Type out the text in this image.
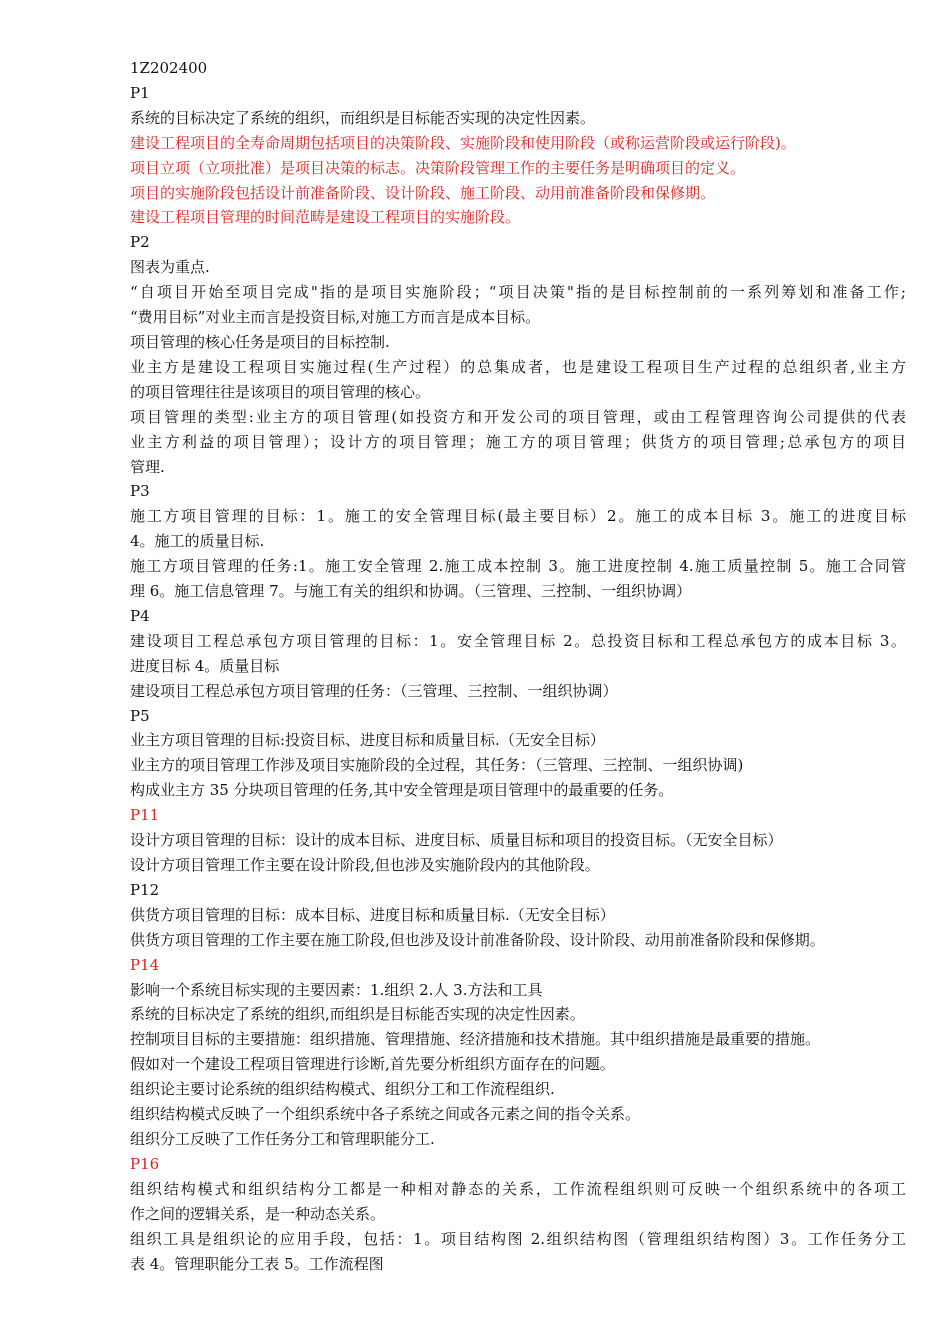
1Z202400
P1
系统的目标决定了系统的组织，而组织是目标能否实现的决定性因素。
建设工程项目的全寿命周期包括项目的决策阶段、实施阶段和使用阶段（或称运营阶段或运行阶段)。
项目立项（立项批准）是项目决策的标志。决策阶段管理工作的主要任务是明确项目的定义。
项目的实施阶段包括设计前准备阶段、设计阶段、施工阶段、动用前准备阶段和保修期。
建设工程项目管理的时间范畴是建设工程项目的实施阶段。
P2
图表为重点.
“自项目开始至项目完成"指的是项目实施阶段；“项目决策"指的是目标控制前的一系列筹划和准备工作;
“费用目标”对业主而言是投资目标,对施工方而言是成本目标。
项目管理的核心任务是项目的目标控制.
业主方是建设工程项目实施过程(生产过程）的总集成者，也是建设工程项目生产过程的总组织者,业主方
的项目管理往往是该项目的项目管理的核心。
项目管理的类型:业主方的项目管理(如投资方和开发公司的项目管理，或由工程管理咨询公司提供的代表
业主方利益的项目管理）；设计方的项目管理；施工方的项目管理；供货方的项目管理;总承包方的项目
管理.
P3
施工方项目管理的目标：1。施工的安全管理目标(最主要目标）2。施工的成本目标 3。施工的进度目标
4。施工的质量目标.
施工方项目管理的任务:1。施工安全管理 2.施工成本控制 3。施工进度控制 4.施工质量控制 5。施工合同管
理 6。施工信息管理 7。与施工有关的组织和协调。（三管理、三控制、一组织协调）
P4
建设项目工程总承包方项目管理的目标：1。安全管理目标 2。总投资目标和工程总承包方的成本目标 3。
进度目标 4。质量目标
建设项目工程总承包方项目管理的任务：（三管理、三控制、一组织协调）
P5
业主方项目管理的目标:投资目标、进度目标和质量目标.（无安全目标）
业主方的项目管理工作涉及项目实施阶段的全过程，其任务：（三管理、三控制、一组织协调)
构成业主方 35 分块项目管理的任务,其中安全管理是项目管理中的最重要的任务。
P11
设计方项目管理的目标：设计的成本目标、进度目标、质量目标和项目的投资目标。（无安全目标）
设计方项目管理工作主要在设计阶段,但也涉及实施阶段内的其他阶段。
P12
供货方项目管理的目标：成本目标、进度目标和质量目标.（无安全目标）
供货方项目管理的工作主要在施工阶段,但也涉及设计前准备阶段、设计阶段、动用前准备阶段和保修期。
P14
影响一个系统目标实现的主要因素：1.组织 2.人 3.方法和工具
系统的目标决定了系统的组织,而组织是目标能否实现的决定性因素。
控制项目目标的主要措施：组织措施、管理措施、经济措施和技术措施。其中组织措施是最重要的措施。
假如对一个建设工程项目管理进行诊断,首先要分析组织方面存在的问题。
组织论主要讨论系统的组织结构模式、组织分工和工作流程组织.
组织结构模式反映了一个组织系统中各子系统之间或各元素之间的指令关系。
组织分工反映了工作任务分工和管理职能分工.
P16
组织结构模式和组织结构分工都是一种相对静态的关系，工作流程组织则可反映一个组织系统中的各项工
作之间的逻辑关系，是一种动态关系。
组织工具是组织论的应用手段，包括：1。项目结构图 2.组织结构图（管理组织结构图）3。工作任务分工
表 4。管理职能分工表 5。工作流程图
